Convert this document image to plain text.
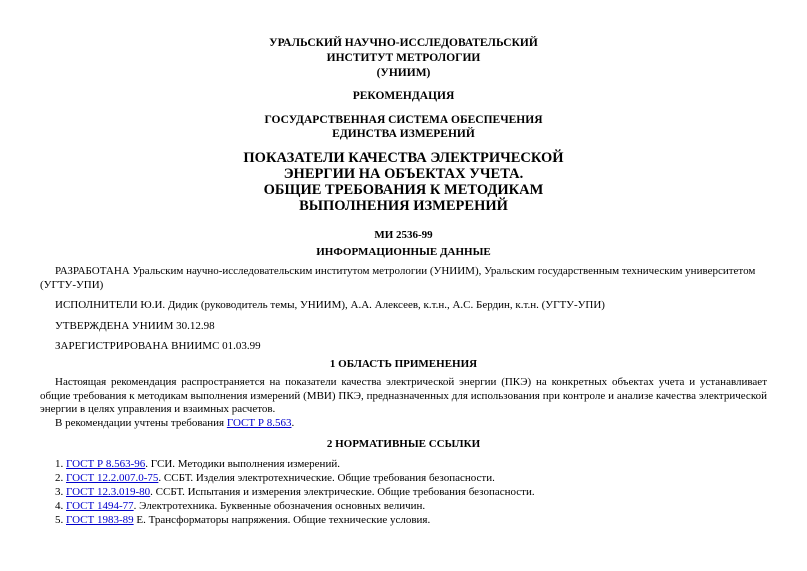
УРАЛЬСКИЙ НАУЧНО-ИССЛЕДОВАТЕЛЬСКИЙ
ИНСТИТУТ МЕТРОЛОГИИ
(УНИИМ)
РЕКОМЕНДАЦИЯ
ГОСУДАРСТВЕННАЯ СИСТЕМА ОБЕСПЕЧЕНИЯ
ЕДИНСТВА ИЗМЕРЕНИЙ
ПОКАЗАТЕЛИ КАЧЕСТВА ЭЛЕКТРИЧЕСКОЙ
ЭНЕРГИИ НА ОБЪЕКТАХ УЧЕТА.
ОБЩИЕ ТРЕБОВАНИЯ К МЕТОДИКАМ
ВЫПОЛНЕНИЯ ИЗМЕРЕНИЙ
МИ 2536-99
ИНФОРМАЦИОННЫЕ ДАННЫЕ
РАЗРАБОТАНА Уральским научно-исследовательским институтом метрологии (УНИИМ), Уральским государственным техническим университетом (УГТУ-УПИ)
ИСПОЛНИТЕЛИ Ю.И. Дидик (руководитель темы, УНИИМ), А.А. Алексеев, к.т.н., А.С. Бердин, к.т.н. (УГТУ-УПИ)
УТВЕРЖДЕНА УНИИМ 30.12.98
ЗАРЕГИСТРИРОВАНА ВНИИМС 01.03.99
1 ОБЛАСТЬ ПРИМЕНЕНИЯ
Настоящая рекомендация распространяется на показатели качества электрической энергии (ПКЭ) на конкретных объектах учета и устанавливает общие требования к методикам выполнения измерений (МВИ) ПКЭ, предназначенных для использования при контроле и анализе качества электрической энергии в целях управления и взаимных расчетов.
В рекомендации учтены требования ГОСТ Р 8.563.
2 НОРМАТИВНЫЕ ССЫЛКИ
1. ГОСТ Р 8.563-96. ГСИ. Методики выполнения измерений.
2. ГОСТ 12.2.007.0-75. ССБТ. Изделия электротехнические. Общие требования безопасности.
3. ГОСТ 12.3.019-80. ССБТ. Испытания и измерения электрические. Общие требования безопасности.
4. ГОСТ 1494-77. Электротехника. Буквенные обозначения основных величин.
5. ГОСТ 1983-89 Е. Трансформаторы напряжения. Общие технические условия.
